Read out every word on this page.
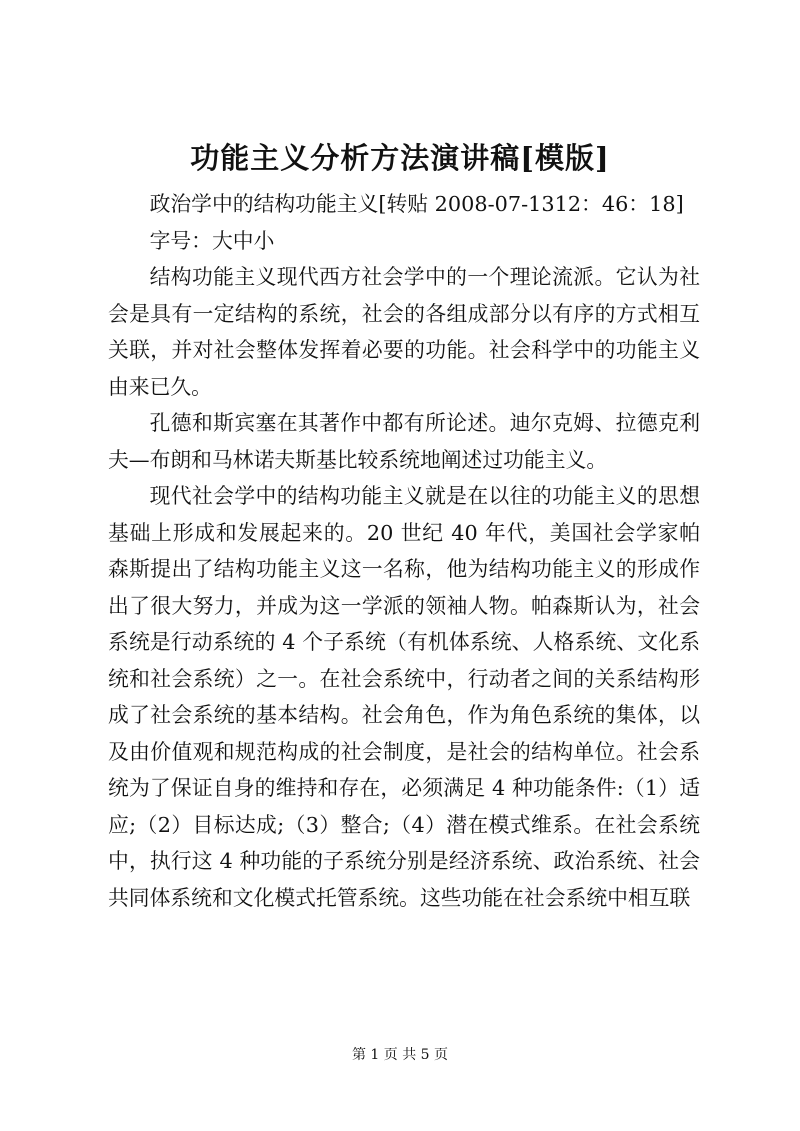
功能主义分析方法演讲稿[模版]

政治学中的结构功能主义[转贴 2008-07-1312：46：18]

字号：大中小

结构功能主义现代西方社会学中的一个理论流派。它认为社会是具有一定结构的系统，社会的各组成部分以有序的方式相互关联，并对社会整体发挥着必要的功能。社会科学中的功能主义由来已久。

孔德和斯宾塞在其著作中都有所论述。迪尔克姆、拉德克利夫—布朗和马林诺夫斯基比较系统地阐述过功能主义。

现代社会学中的结构功能主义就是在以往的功能主义的思想基础上形成和发展起来的。20 世纪 40 年代，美国社会学家帕森斯提出了结构功能主义这一名称，他为结构功能主义的形成作出了很大努力，并成为这一学派的领袖人物。帕森斯认为，社会系统是行动系统的 4 个子系统（有机体系统、人格系统、文化系统和社会系统）之一。在社会系统中，行动者之间的关系结构形成了社会系统的基本结构。社会角色，作为角色系统的集体，以及由价值观和规范构成的社会制度，是社会的结构单位。社会系统为了保证自身的维持和存在，必须满足 4 种功能条件:（1）适应;（2）目标达成;（3）整合;（4）潜在模式维系。在社会系统中，执行这 4 种功能的子系统分别是经济系统、政治系统、社会共同体系统和文化模式托管系统。这些功能在社会系统中相互联

第 1 页 共 5 页
